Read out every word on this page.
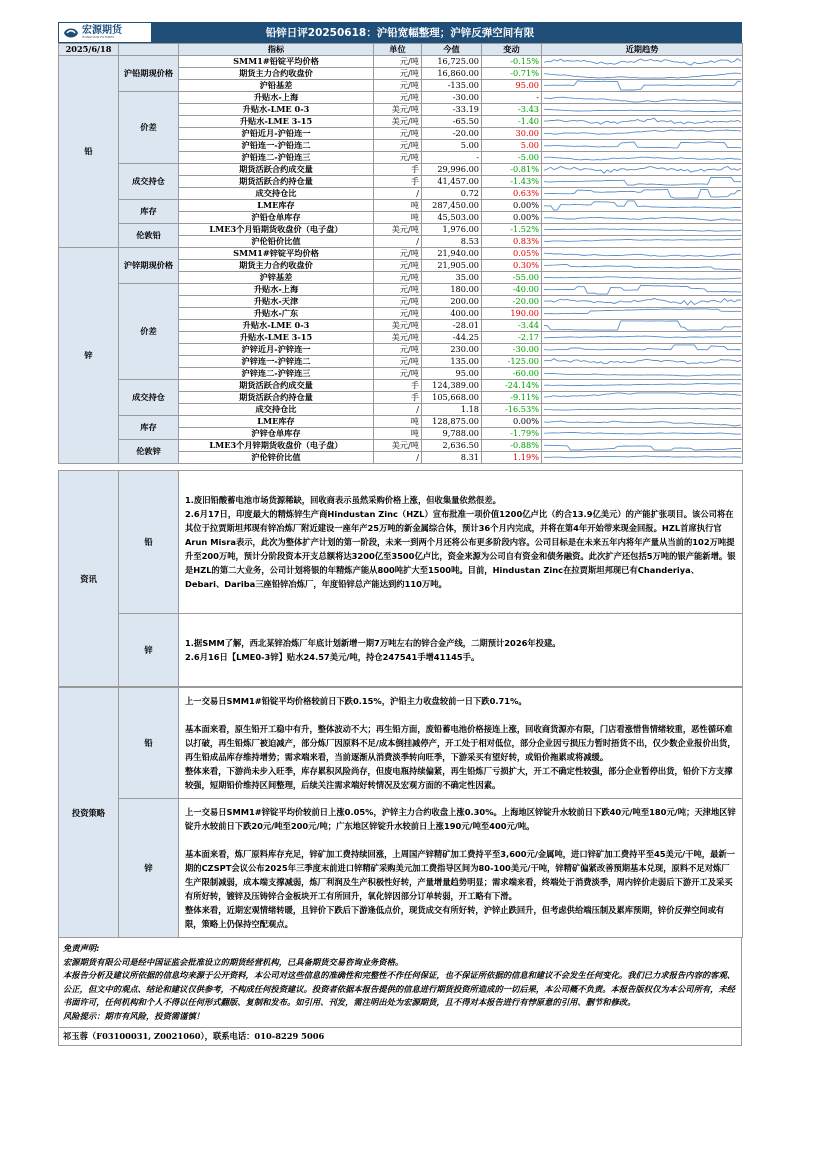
宏源期货
HONGYUAN FUTURES	铅锌日评20250618：沪铅宽幅整理；沪锌反弹空间有限
2025/6/18		指标	单位	今值	变动	近期趋势
铅	沪铅期现价格	SMM1#铅锭平均价格	元/吨	16,725.00	-0.15%	

		期货主力合约收盘价	元/吨	16,860.00	-0.71%	

		沪铅基差	元/吨	-135.00	95.00	

	价差	升贴水-上海	元/吨	-30.00	-	

		升贴水-LME 0-3	美元/吨	-33.19	-3.43	

		升贴水-LME 3-15	美元/吨	-65.50	-1.40	

		沪铅近月-沪铅连一	元/吨	-20.00	30.00	

		沪铅连一-沪铅连二	元/吨	5.00	5.00	

		沪铅连二-沪铅连三	元/吨	-	-5.00	

	成交持仓	期货活跃合约成交量	手	29,996.00	-0.81%	

		期货活跃合约持仓量	手	41,457.00	-1.43%	

		成交持仓比	/	0.72	0.63%	

	库存	LME库存	吨	287,450.00	0.00%	

		沪铅仓单库存	吨	45,503.00	0.00%	

	伦敦铅	LME3个月铅期货收盘价（电子盘）	美元/吨	1,976.00	-1.52%	

		沪伦铅价比值	/	8.53	0.83%	

锌	沪锌期现价格	SMM1#锌锭平均价格	元/吨	21,940.00	0.05%	

		期货主力合约收盘价	元/吨	21,905.00	0.30%	

		沪锌基差	元/吨	35.00	-55.00	

	价差	升贴水-上海	元/吨	180.00	-40.00	

		升贴水-天津	元/吨	200.00	-20.00	

		升贴水-广东	元/吨	400.00	190.00	

		升贴水-LME 0-3	美元/吨	-28.01	-3.44	

		升贴水-LME 3-15	美元/吨	-44.25	-2.17	

		沪锌近月-沪锌连一	元/吨	230.00	-30.00	

		沪锌连一-沪锌连二	元/吨	135.00	-125.00	

		沪锌连二-沪锌连三	元/吨	95.00	-60.00	

	成交持仓	期货活跃合约成交量	手	124,389.00	-24.14%	

		期货活跃合约持仓量	手	105,668.00	-9.11%	

		成交持仓比	/	1.18	-16.53%	

	库存	LME库存	吨	128,875.00	0.00%	

		沪锌仓单库存	吨	9,788.00	-1.79%	

	伦敦锌	LME3个月锌期货收盘价（电子盘）	美元/吨	2,636.50	-0.88%	

		沪伦锌价比值	/	8.31	1.19%	
资讯	铅	1.废旧铅酸蓄电池市场货源稀缺，回收商表示虽然采购价格上涨，但收集量依然很差。

2.6月17日，印度最大的精炼锌生产商Hindustan Zinc（HZL）宣布批准一项价值1200亿卢比（约合13.9亿美元）的产能扩张项目。该公司将在其位于拉贾斯坦邦现有锌冶炼厂附近建设一座年产25万吨的新金属综合体，预计36个月内完成，并将在第4年开始带来现金回报。HZL首席执行官Arun Misra表示，此次为整体扩产计划的第一阶段，未来一到两个月还将公布更多阶段内容。公司目标是在未来五年内将年产量从当前的102万吨提升至200万吨，预计分阶段资本开支总额将达3200亿至3500亿卢比，资金来源为公司自有资金和债务融资。此次扩产还包括5万吨的银产能新增。银是HZL的第二大业务，公司计划将银的年精炼产能从800吨扩大至1500吨。目前，Hindustan Zinc在拉贾斯坦邦现已有Chanderiya、Debari、Dariba三座铅锌冶炼厂，年度铅锌总产能达到约110万吨。

	锌	1.据SMM了解，西北某锌冶炼厂年底计划新增一期7万吨左右的锌合金产线，二期预计2026年投建。

2.6月16日【LME0-3锌】贴水24.57美元/吨，持仓247541手增41145手。

投资策略	铅	上一交易日SMM1#铅锭平均价格较前日下跌0.15%，沪铅主力收盘较前一日下跌0.71%。

基本面来看，原生铅开工稳中有升，整体波动不大；再生铅方面，废铅蓄电池价格接连上涨，回收商货源亦有限，门店看涨惜售情绪较重，恶性循环难以打破，再生铅炼厂被迫减产，部分炼厂因原料不足/成本倒挂减停产，开工处于相对低位，部分企业因亏损压力暂时捂货不出，仅少数企业报价出货，再生铅成品库存维持增势；需求端来看，当前逐渐从消费淡季转向旺季，下游采买有望好转，或铅价拖累或将减缓。

整体来看，下游尚未步入旺季，库存累积风险尚存，但废电瓶持续偏紧，再生铅炼厂亏损扩大，开工不确定性较强，部分企业暂停出货，铅价下方支撑较强，短期铅价维持区间整理，后续关注需求端好转情况及宏观方面的不确定性因素。

	锌	上一交易日SMM1#锌锭平均价较前日上涨0.05%，沪锌主力合约收盘上涨0.30%。上海地区锌锭升水较前日下跌40元/吨至180元/吨；天津地区锌锭升水较前日下跌20元/吨至200元/吨；广东地区锌锭升水较前日上涨190元/吨至400元/吨。

基本面来看，炼厂原料库存充足，锌矿加工费持续回涨，上周国产锌精矿加工费持平至3,600元/金属吨，进口锌矿加工费持平至45美元/干吨，最新一期的CZSPT会议公布2025年三季度末前进口锌精矿采购美元加工费指导区间为80-100美元/干吨，锌精矿偏紧改善预期基本兑现，原料不足对炼厂生产限制减弱，成本端支撑减弱，炼厂利润及生产积极性好转，产量增量趋势明显；需求端来看，终端处于消费淡季，周内锌价走弱后下游开工及采买有所好转，镀锌及压铸锌合金板块开工有所回升，氧化锌因部分订单转弱，开工略有下滑。

整体来看，近期宏观情绪转暖，且锌价下跌后下游逢低点价，现货成交有所好转，沪锌止跌回升，但考虑供给端压制及累库预期，锌价反弹空间或有限，策略上仍保持空配观点。

免责声明:

宏源期货有限公司是经中国证监会批准设立的期货经营机构，已具备期货交易咨询业务资格。

本报告分析及建议所依据的信息均来源于公开资料，本公司对这些信息的准确性和完整性不作任何保证，也不保证所依据的信息和建议不会发生任何变化。我们已力求报告内容的客观、公正，但文中的观点、结论和建议仅供参考，不构成任何投资建议。投资者依据本报告提供的信息进行期货投资所造成的一切后果，本公司概不负责。本报告版权仅为本公司所有，未经书面许可，任何机构和个人不得以任何形式翻版、复制和发布。如引用、刊发，需注明出处为宏源期货，且不得对本报告进行有悖原意的引用、删节和修改。

风险提示：期市有风险，投资需谨慎！

祁玉蓉（F03100031, Z0021060），联系电话：010-8229 5006
